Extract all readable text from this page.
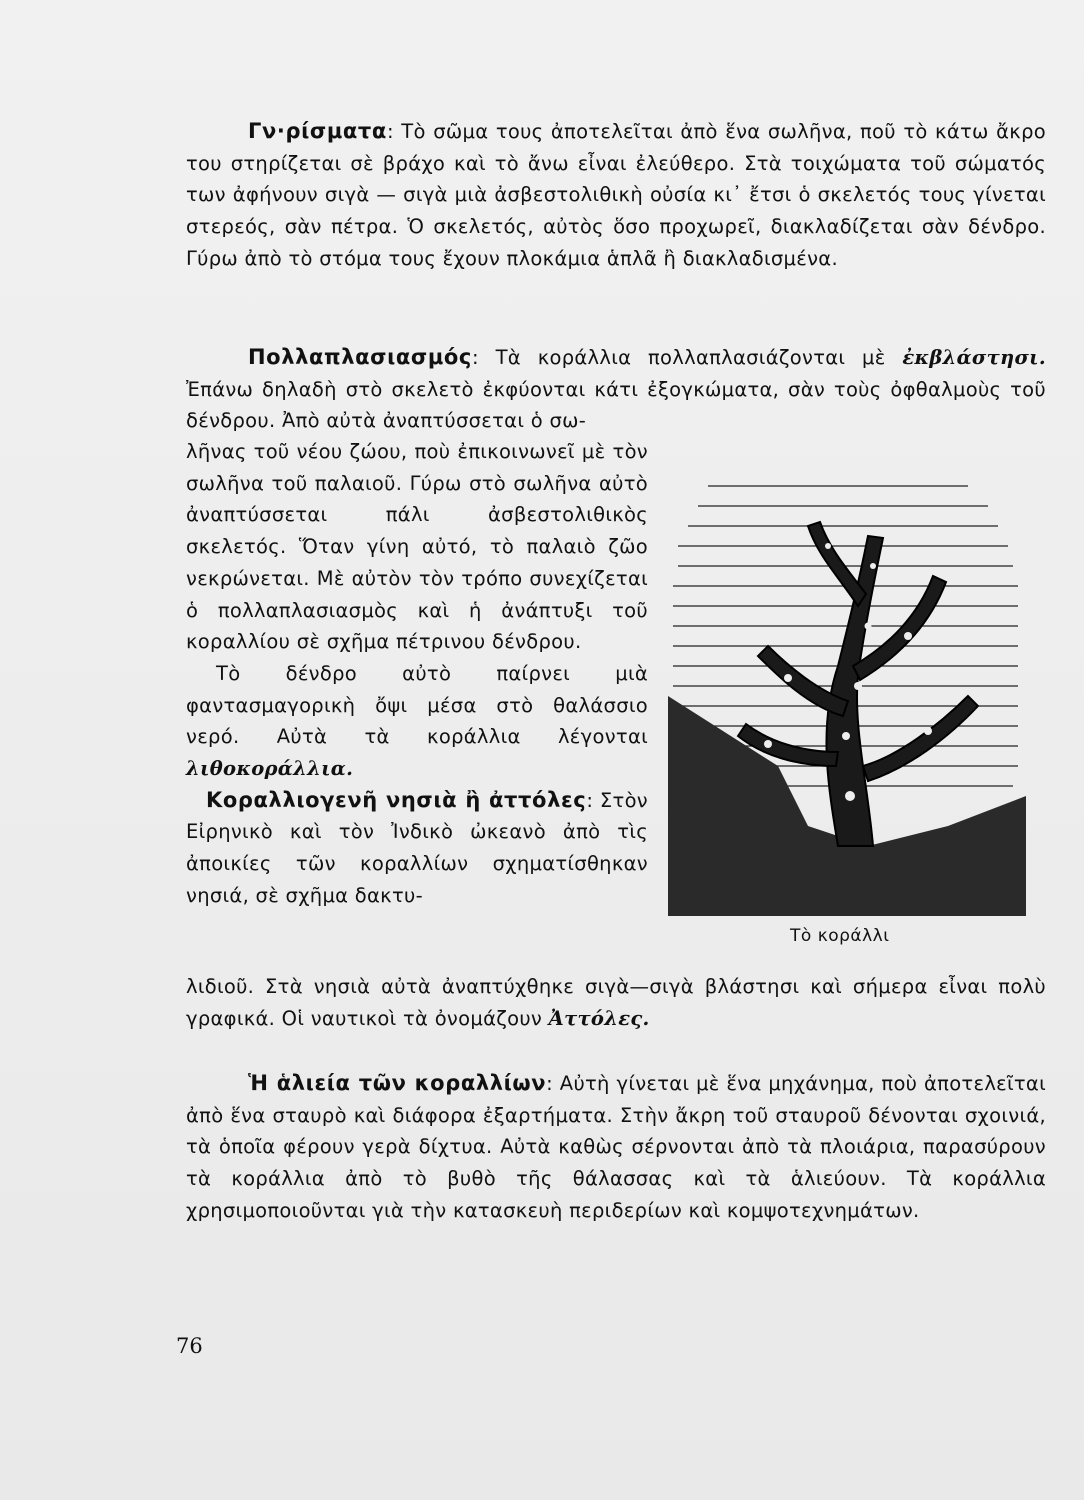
Γν·ρίσματα: Τὸ σῶμα τους ἀποτελεῖται ἀπὸ ἕνα σωλῆνα, ποῦ τὸ κάτω ἄκρο του στηρίζεται σὲ βράχο καὶ τὸ ἄνω εἶναι ἐλεύθερο. Στὰ τοιχώματα τοῦ σώματός των ἀφήνουν σιγὰ — σιγὰ μιὰ ἀσβεστολιθικὴ οὐσία κι᾿ ἔτσι ὁ σκελετός τους γίνεται στερεός, σὰν πέτρα. Ὁ σκελετός, αὐτὸς ὅσο προχωρεῖ, διακλαδίζεται σὰν δένδρο. Γύρω ἀπὸ τὸ στόμα τους ἔχουν πλοκάμια ἁπλᾶ ἢ διακλαδισμένα.

Πολλαπλασιασμός: Τὰ κοράλλια πολλαπλασιάζονται μὲ ἐκβλάστησι. Ἐπάνω δηλαδὴ στὸ σκελετὸ ἐκφύονται κάτι ἐξογκώματα, σὰν τοὺς ὀφθαλμοὺς τοῦ δένδρου. Ἀπὸ αὐτὰ ἀναπτύσσεται ὁ σω-

λῆνας τοῦ νέου ζώου, ποὺ ἐπικοινωνεῖ μὲ τὸν σωλῆνα τοῦ παλαιοῦ. Γύρω στὸ σωλῆνα αὐτὸ ἀναπτύσσεται πάλι ἀσβεστολιθικὸς σκελετός. Ὅταν γίνη αὐτό, τὸ παλαιὸ ζῶο νεκρώνεται. Μὲ αὐτὸν τὸν τρόπο συνεχίζεται ὁ πολλαπλασιασμὸς καὶ ἡ ἀνάπτυξι τοῦ κοραλλίου σὲ σχῆμα πέτρινου δένδρου.

Τὸ δένδρο αὐτὸ παίρνει μιὰ φαντασμαγορικὴ ὄψι μέσα στὸ θαλάσσιο νερό. Αὐτὰ τὰ κοράλλια λέγονται λιθοκοράλλια.

Κοραλλιογενῆ νησιὰ ἢ ἀττόλες: Στὸν Εἰρηνικὸ καὶ τὸν Ἰνδικὸ ὠκεανὸ ἀπὸ τὶς ἀποικίες τῶν κοραλλίων σχηματίσθηκαν νησιά, σὲ σχῆμα δακτυ-

λιδιοῦ. Στὰ νησιὰ αὐτὰ ἀναπτύχθηκε σιγὰ—σιγὰ βλάστησι καὶ σήμερα εἶναι πολὺ γραφικά. Οἱ ναυτικοὶ τὰ ὀνομάζουν Ἀττόλες.
Τὸ κοράλλι

Ἡ ἁλιεία τῶν κοραλλίων: Αὐτὴ γίνεται μὲ ἕνα μηχάνημα, ποὺ ἀποτελεῖται ἀπὸ ἕνα σταυρὸ καὶ διάφορα ἐξαρτήματα. Στὴν ἄκρη τοῦ σταυροῦ δένονται σχοινιά, τὰ ὁποῖα φέρουν γερὰ δίχτυα. Αὐτὰ καθὼς σέρνονται ἀπὸ τὰ πλοιάρια, παρασύρουν τὰ κοράλλια ἀπὸ τὸ βυθὸ τῆς θάλασσας καὶ τὰ ἁλιεύουν. Τὰ κοράλλια χρησιμοποιοῦνται γιὰ τὴν κατασκευὴ περιδερίων καὶ κομψοτεχνημάτων.

76
